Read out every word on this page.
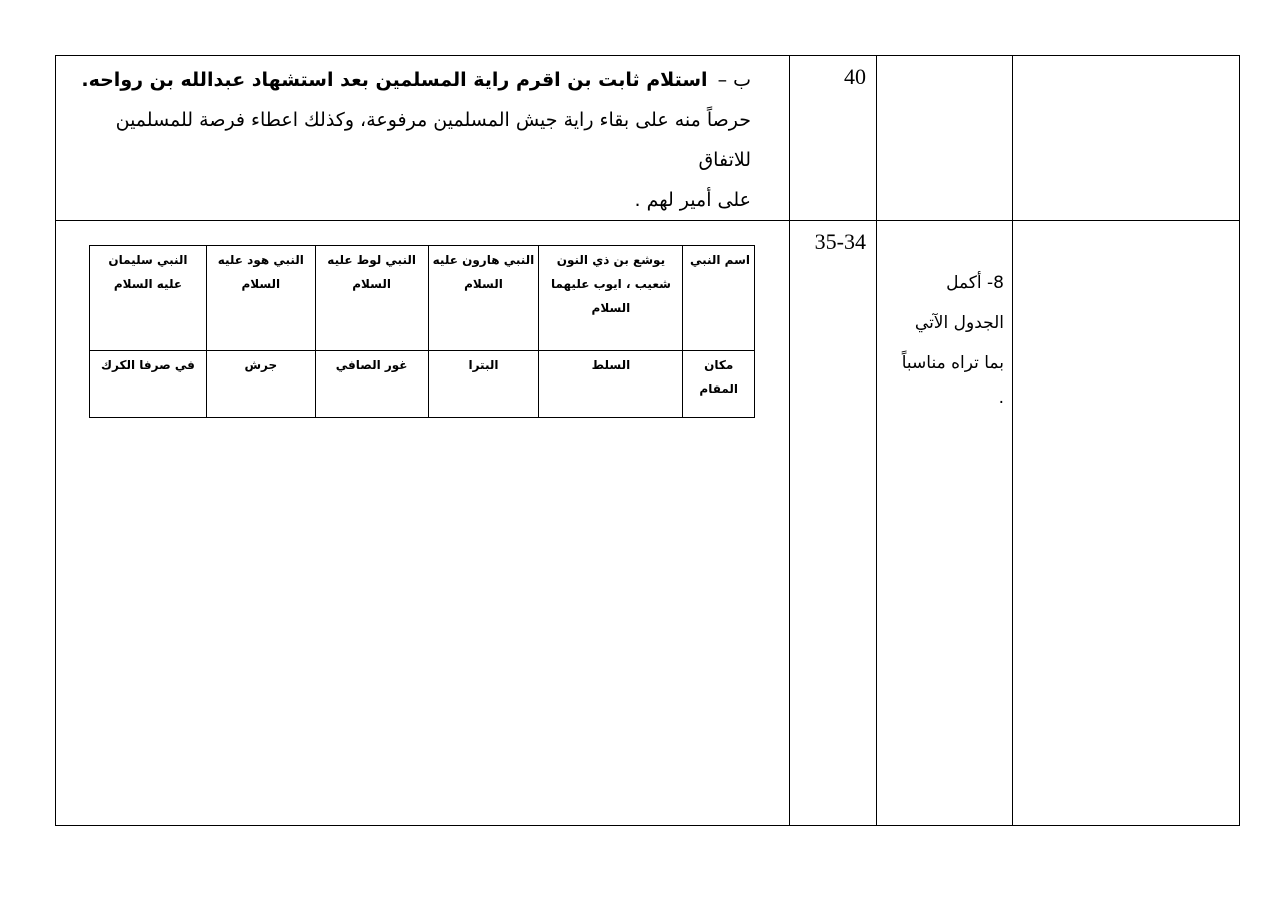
ب –استلام ثابت بن اقرم راية المسلمين بعد استشهاد عبدالله بن رواحه.

حرصاً منه على بقاء راية جيش المسلمين مرفوعة، وكذلك اعطاء فرصة للمسلمين للاتفاق

على أمير لهم .

40

اسم النبي	يوشع بن ذي النون شعيب ، ايوب عليهما السلام	النبي هارون عليه السلام	النبي لوط عليه السلام	النبي هود عليه السلام	النبي سليمان عليه السلام
مكان المقام	السلط	البترا	غور الصافي	جرش	في صرفا الكرك

35-34

8- أكمل
الجدول الآتي
بما تراه مناسباً
.
